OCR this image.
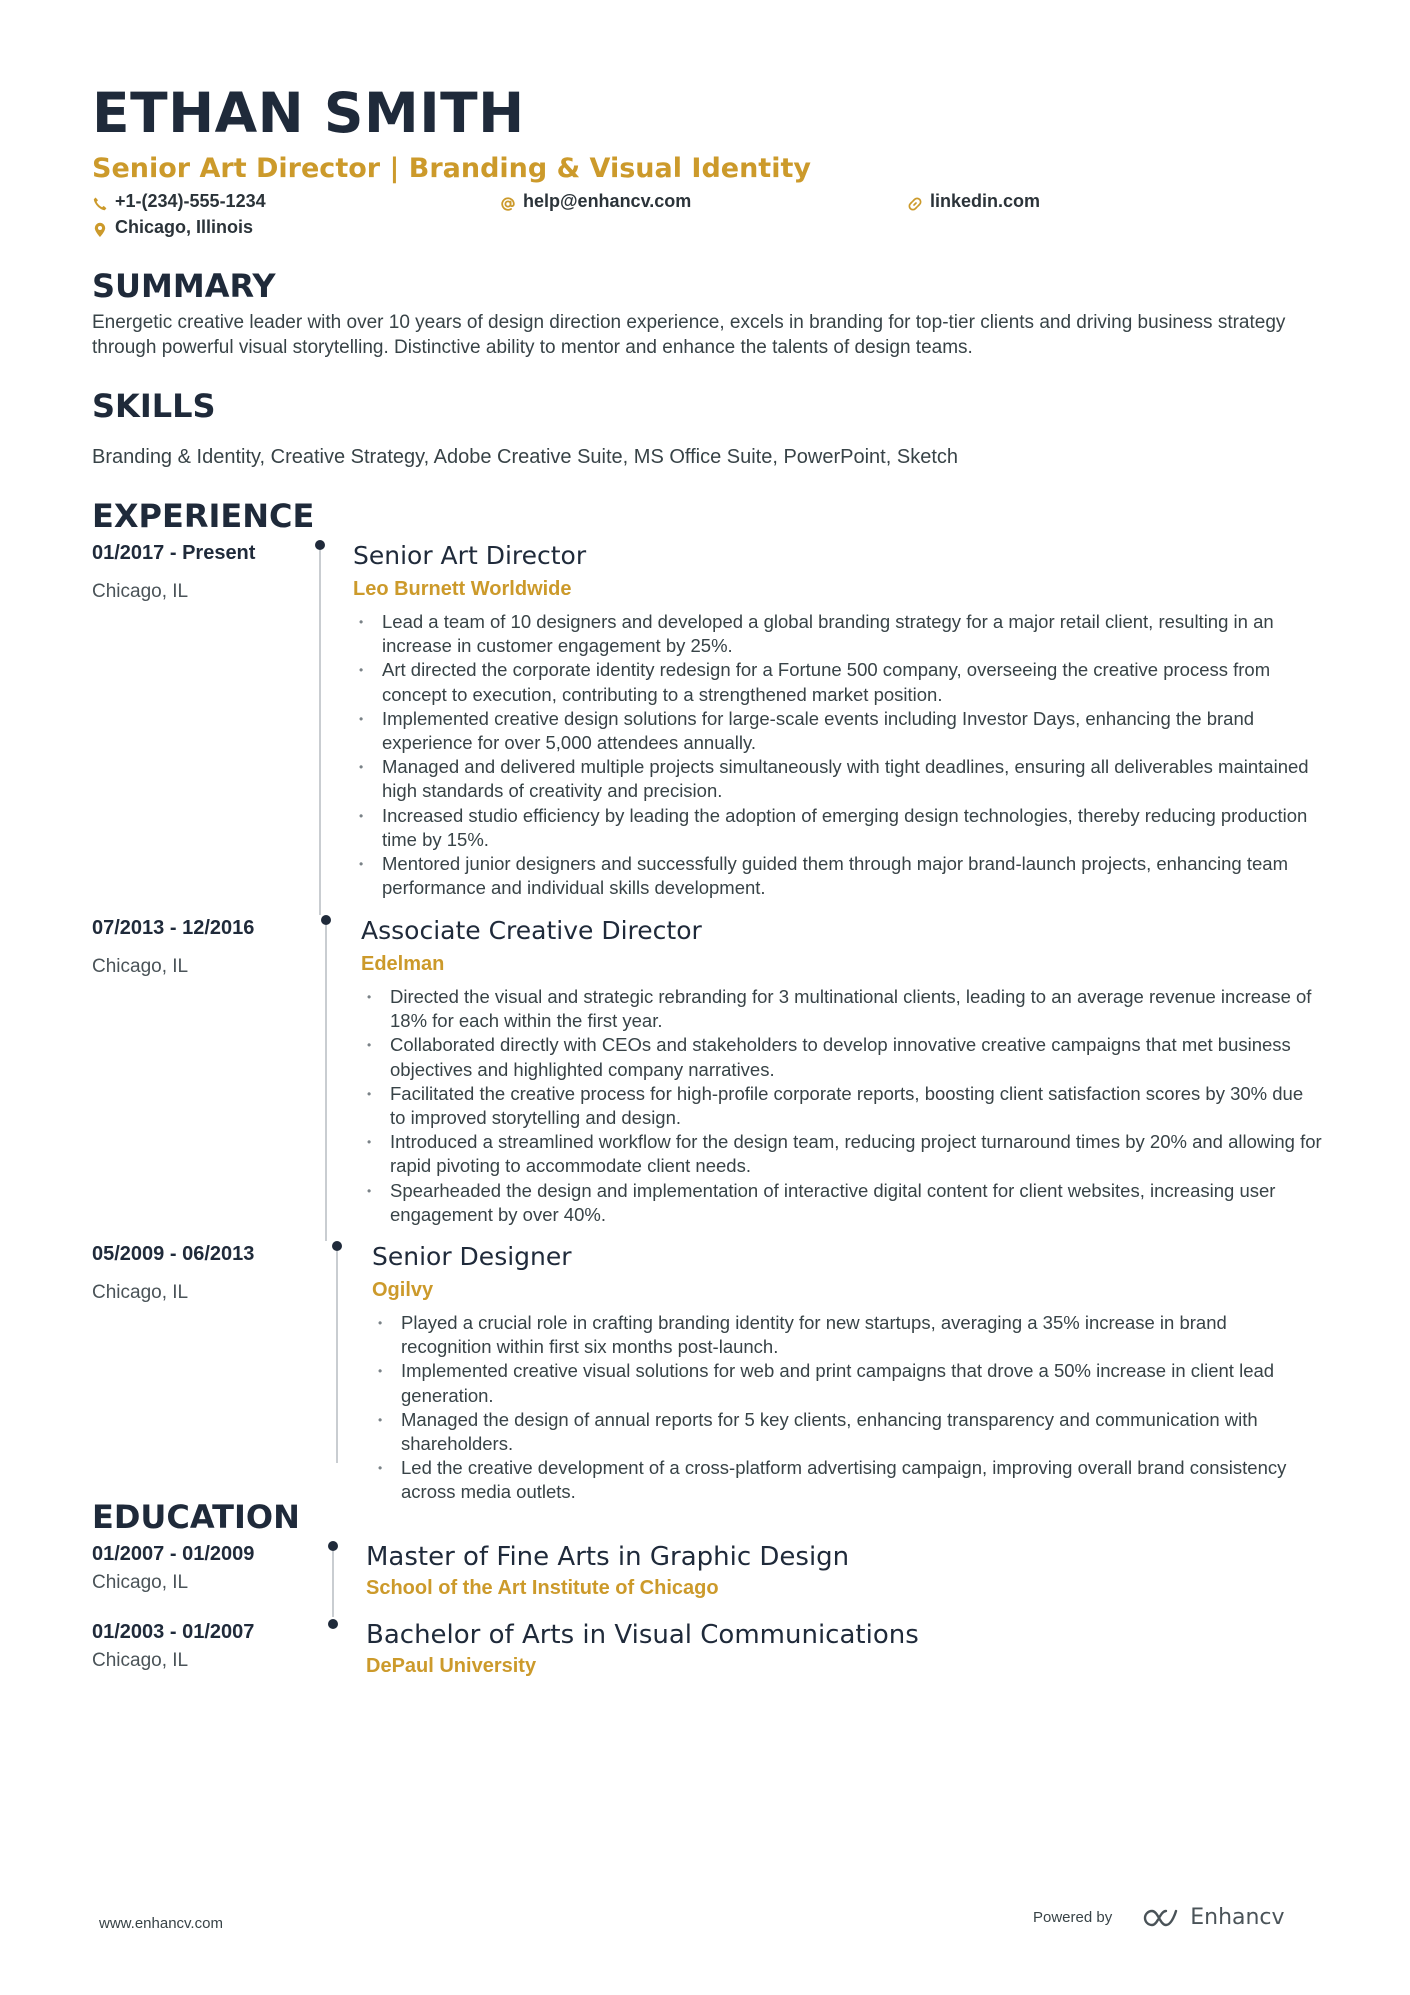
ETHAN SMITH
Senior Art Director | Branding & Visual Identity
+1-(234)-555-1234	help@enhancv.com	linkedin.com
Chicago, Illinois
SUMMARY

Energetic creative leader with over 10 years of design direction experience, excels in branding for top-tier clients and driving business strategy through powerful visual storytelling. Distinctive ability to mentor and enhance the talents of design teams.

SKILLS

Branding & Identity, Creative Strategy, Adobe Creative Suite, MS Office Suite, PowerPoint, Sketch

EXPERIENCE
01/2017 - Present
Chicago, IL
Senior Art Director
Leo Burnett Worldwide
• Lead a team of 10 designers and developed a global branding strategy for a major retail client, resulting in an increase in customer engagement by 25%.
• Art directed the corporate identity redesign for a Fortune 500 company, overseeing the creative process from concept to execution, contributing to a strengthened market position.
• Implemented creative design solutions for large-scale events including Investor Days, enhancing the brand experience for over 5,000 attendees annually.
• Managed and delivered multiple projects simultaneously with tight deadlines, ensuring all deliverables maintained high standards of creativity and precision.
• Increased studio efficiency by leading the adoption of emerging design technologies, thereby reducing production time by 15%.
• Mentored junior designers and successfully guided them through major brand-launch projects, enhancing team performance and individual skills development.
07/2013 - 12/2016
Chicago, IL
Associate Creative Director
Edelman
• Directed the visual and strategic rebranding for 3 multinational clients, leading to an average revenue increase of 18% for each within the first year.
• Collaborated directly with CEOs and stakeholders to develop innovative creative campaigns that met business objectives and highlighted company narratives.
• Facilitated the creative process for high-profile corporate reports, boosting client satisfaction scores by 30% due to improved storytelling and design.
• Introduced a streamlined workflow for the design team, reducing project turnaround times by 20% and allowing for rapid pivoting to accommodate client needs.
• Spearheaded the design and implementation of interactive digital content for client websites, increasing user engagement by over 40%.
05/2009 - 06/2013
Chicago, IL
Senior Designer
Ogilvy
• Played a crucial role in crafting branding identity for new startups, averaging a 35% increase in brand recognition within first six months post-launch.
• Implemented creative visual solutions for web and print campaigns that drove a 50% increase in client lead generation.
• Managed the design of annual reports for 5 key clients, enhancing transparency and communication with shareholders.
• Led the creative development of a cross-platform advertising campaign, improving overall brand consistency across media outlets.
EDUCATION
01/2007 - 01/2009
Chicago, IL
Master of Fine Arts in Graphic Design
School of the Art Institute of Chicago
01/2003 - 01/2007
Chicago, IL
Bachelor of Arts in Visual Communications
DePaul University
www.enhancv.com	Powered by	Enhancv
